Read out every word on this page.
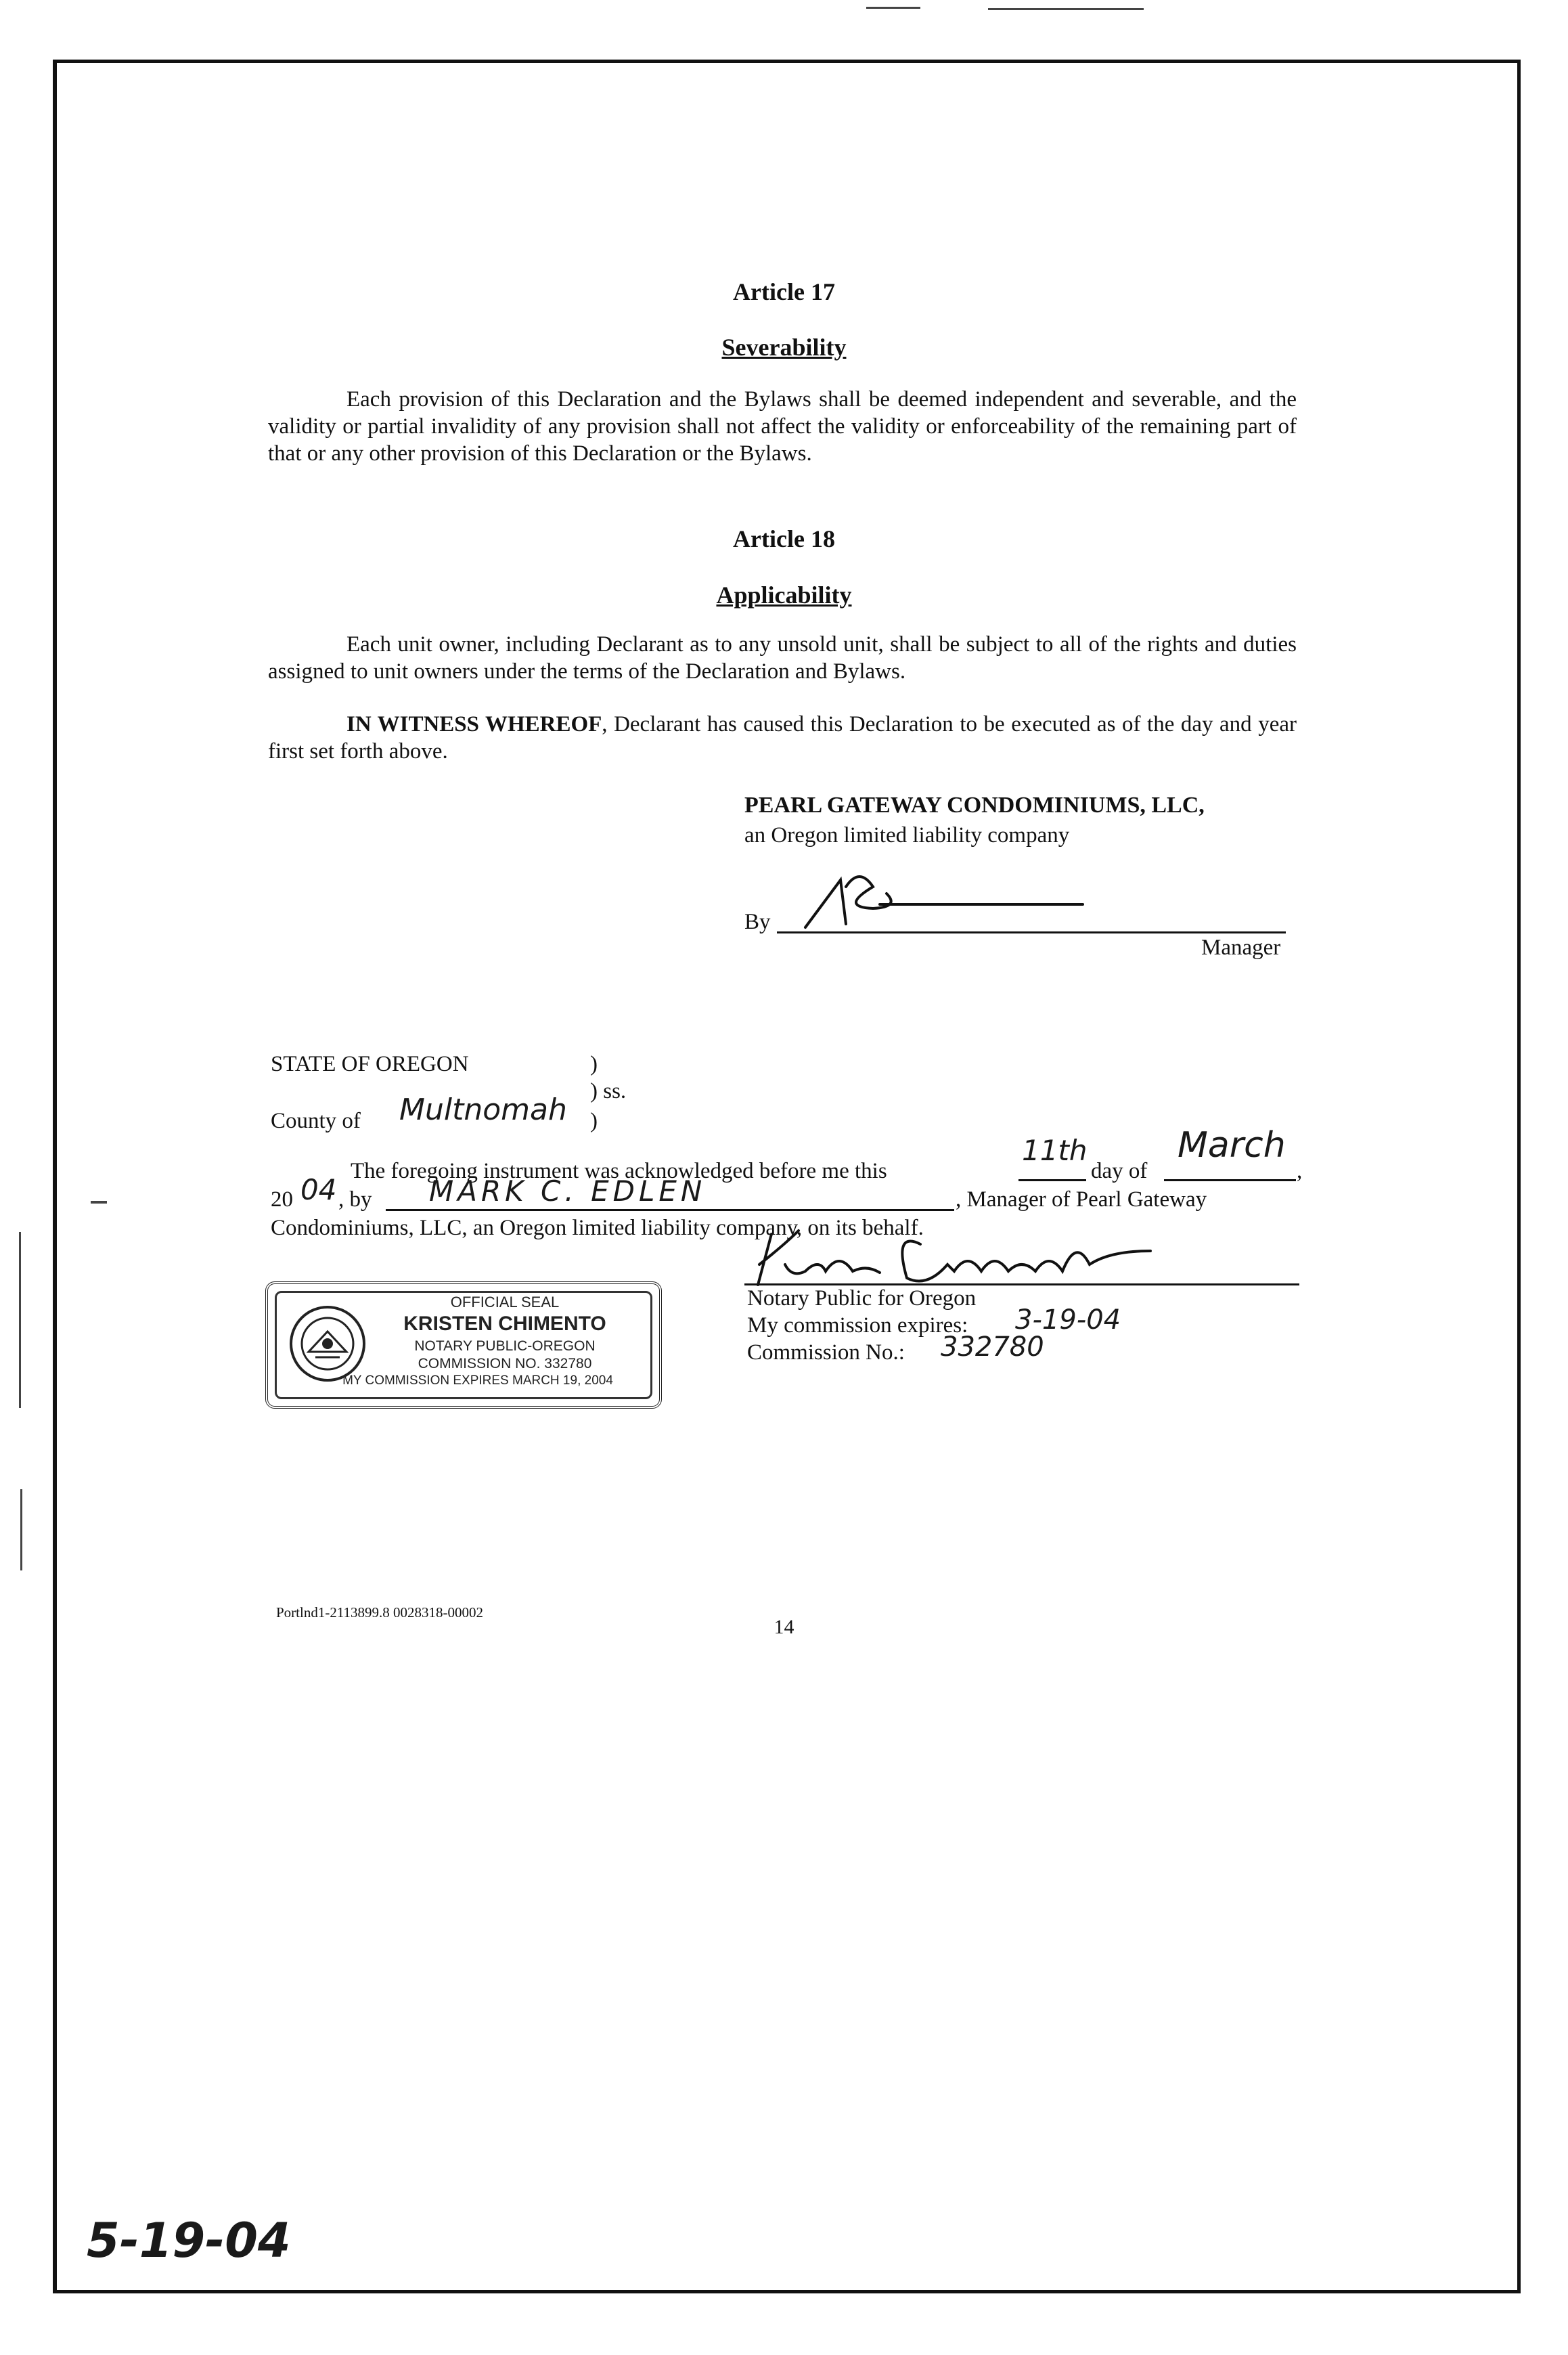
Article 17
Severability
Each provision of this Declaration and the Bylaws shall be deemed independent and severable, and the validity or partial invalidity of any provision shall not affect the validity or enforceability of the remaining part of that or any other provision of this Declaration or the Bylaws.
Article 18
Applicability
Each unit owner, including Declarant as to any unsold unit, shall be subject to all of the rights and duties assigned to unit owners under the terms of the Declaration and Bylaws.
IN WITNESS WHEREOF, Declarant has caused this Declaration to be executed as of the day and year first set forth above.
PEARL GATEWAY CONDOMINIUMS, LLC,
an Oregon limited liability company
By
Manager
STATE OF OREGON	)
) ss.
County of Multnomah )
The foregoing instrument was acknowledged before me this
11th
day of
March
,
20 04 , by MARK C. EDLEN	, Manager of Pearl Gateway
Condominiums, LLC, an Oregon limited liability company, on its behalf.
Notary Public for Oregon
My commission expires: 3-19-04
Commission No.: 332780
OFFICIAL SEAL
KRISTEN CHIMENTO
NOTARY PUBLIC-OREGON
COMMISSION NO. 332780
MY COMMISSION EXPIRES MARCH 19, 2004
Portlnd1-2113899.8 0028318-00002
14
5-19-04
